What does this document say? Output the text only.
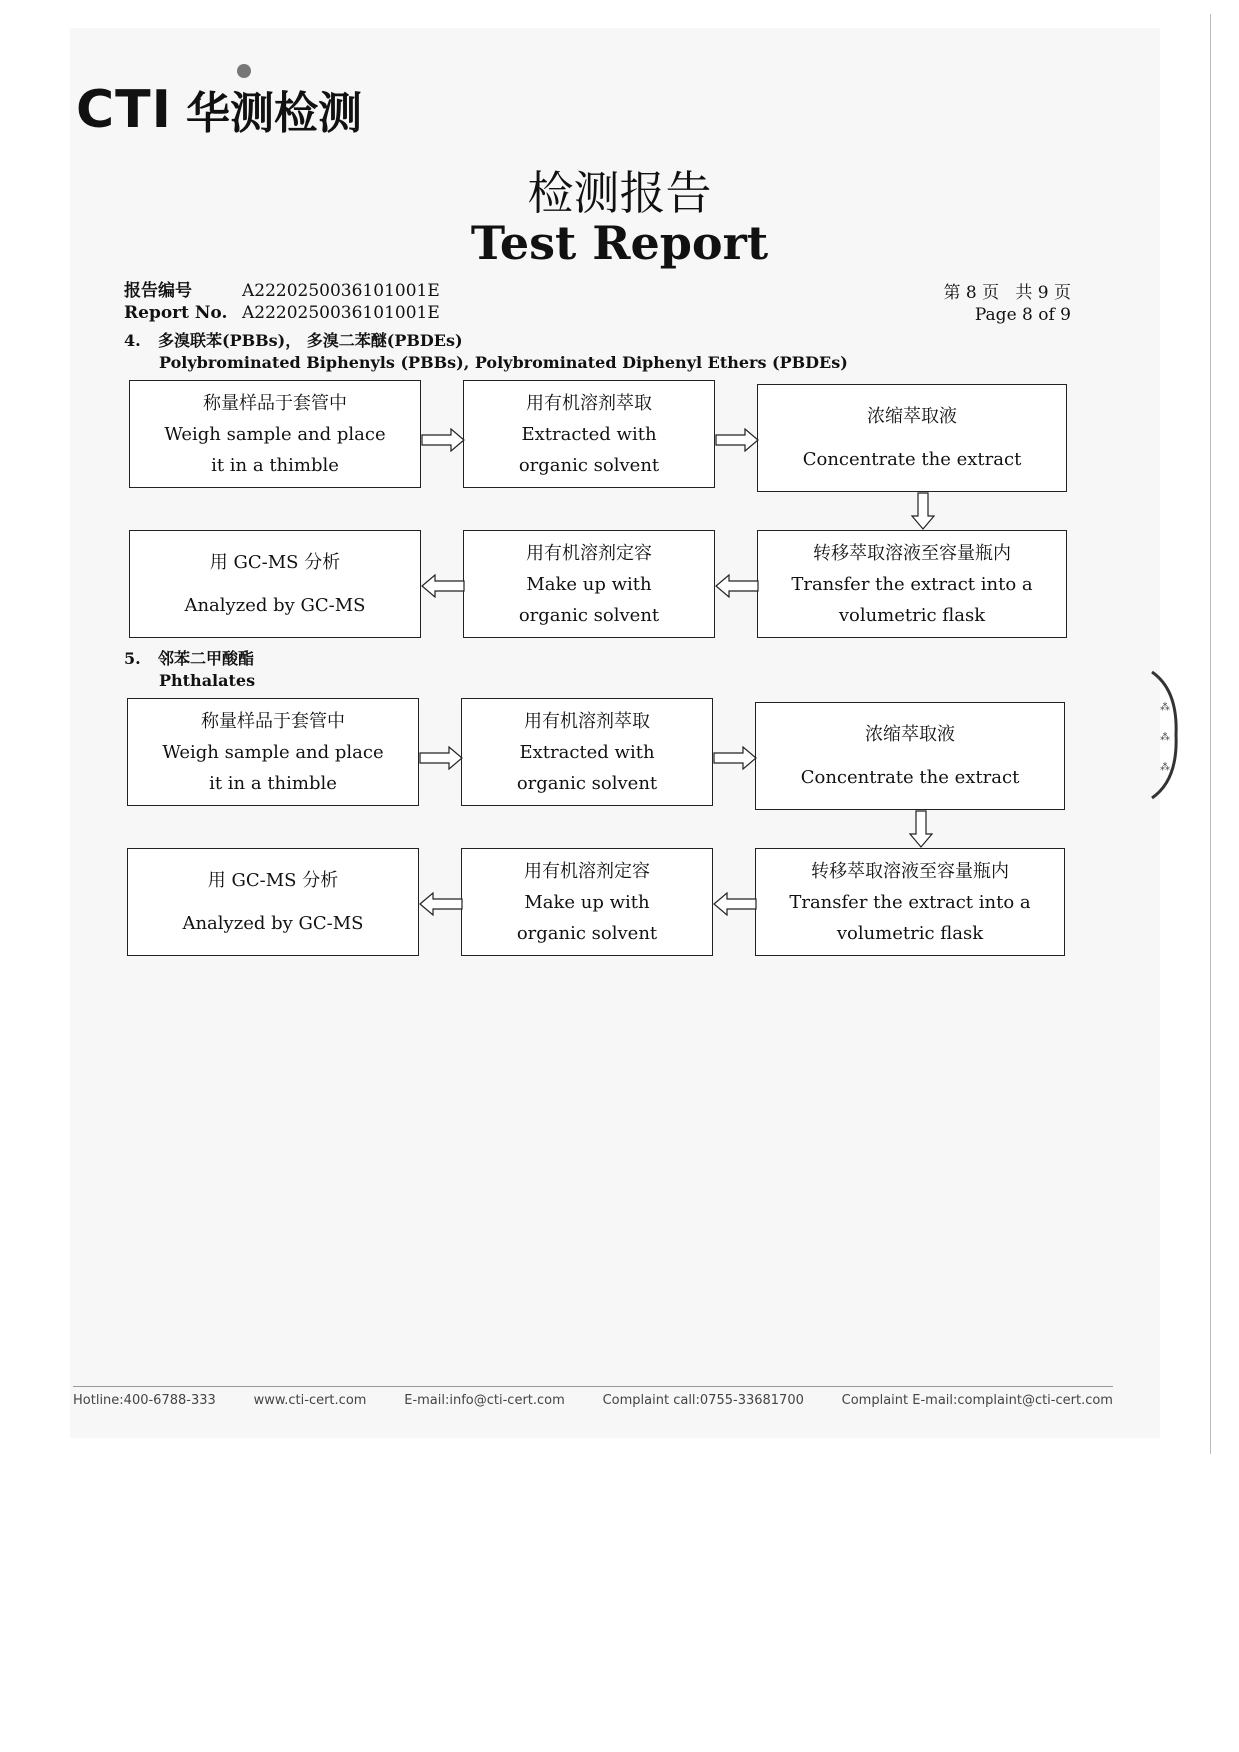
CTI 华测检测
检测报告
Test Report
报告编号	A2220250036101001E
Report No. A2220250036101001E
第 8 页   共 9 页
Page 8 of 9
4. 多溴联苯(PBBs)， 多溴二苯醚(PBDEs)
Polybrominated Biphenyls (PBBs), Polybrominated Diphenyl Ethers (PBDEs)
称量样品于套管中
Weigh sample and place
it in a thimble
用有机溶剂萃取
Extracted with
organic solvent
浓缩萃取液
Concentrate the extract
转移萃取溶液至容量瓶内
Transfer the extract into a
volumetric flask
用有机溶剂定容
Make up with
organic solvent
用 GC-MS 分析
Analyzed by GC-MS
5. 邻苯二甲酸酯
Phthalates
称量样品于套管中
Weigh sample and place
it in a thimble
用有机溶剂萃取
Extracted with
organic solvent
浓缩萃取液
Concentrate the extract
转移萃取溶液至容量瓶内
Transfer the extract into a
volumetric flask
用有机溶剂定容
Make up with
organic solvent
用 GC-MS 分析
Analyzed by GC-MS
⁂
⁂
⁂
Hotline:400-6788-333	www.cti-cert.com	E-mail:info@cti-cert.com	Complaint call:0755-33681700	Complaint E-mail:complaint@cti-cert.com
